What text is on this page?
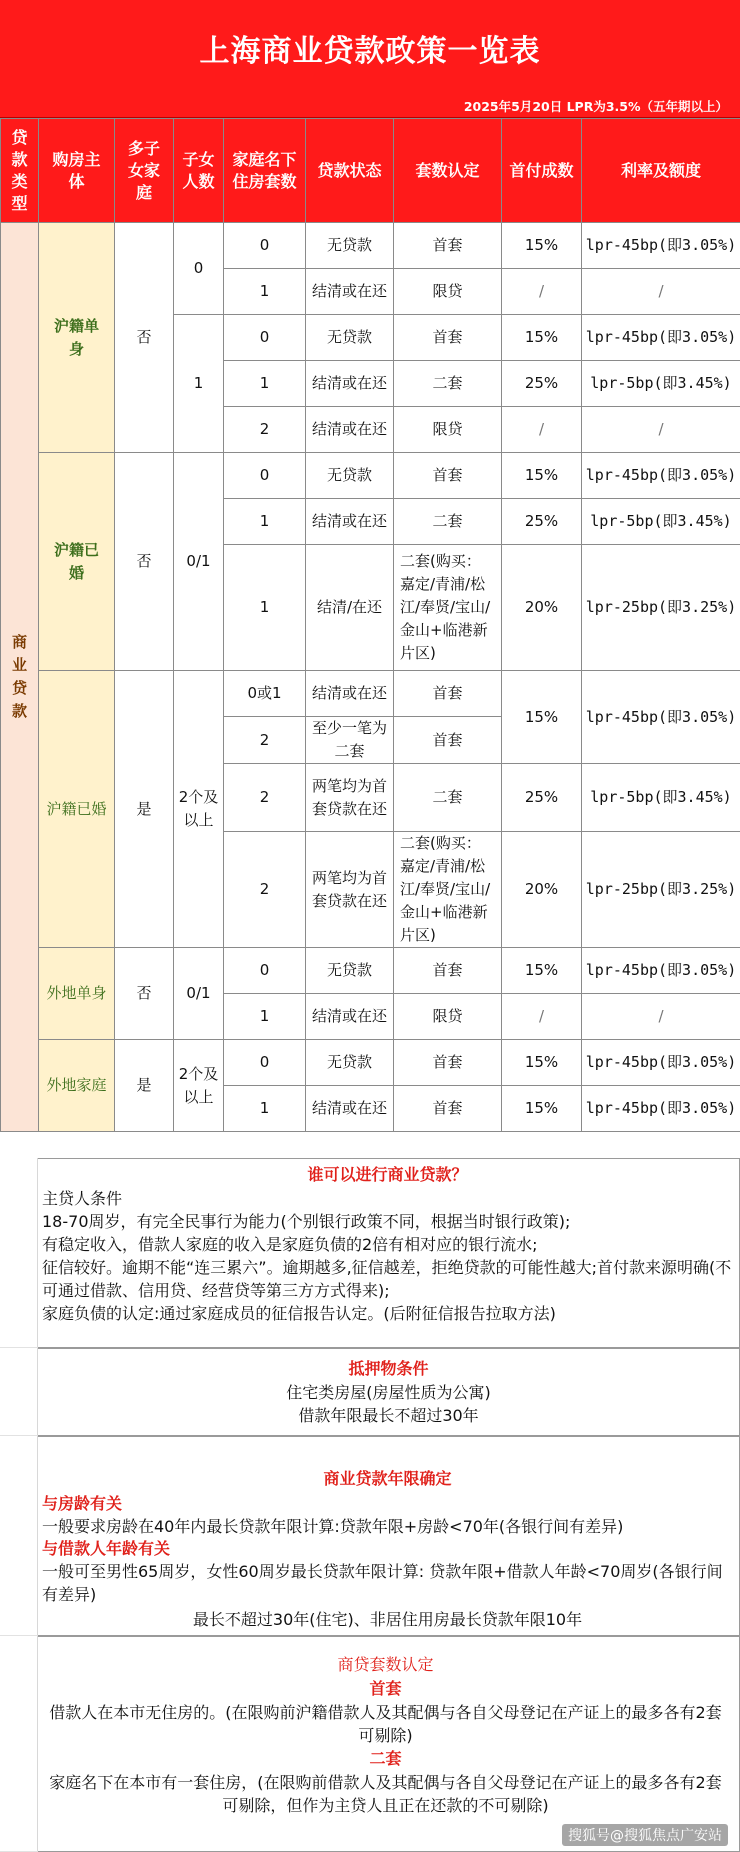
上海商业贷款政策一览表
2025年5月20日 LPR为3.5%（五年期以上）
贷款类型	购房主体	多子女家庭	子女人数	家庭名下住房套数	贷款状态	套数认定	首付成数	利率及额度
商业贷款	沪籍单身	否	0	0	无贷款	首套	15%	lpr-45bp(即3.05%)
				1	结清或在还	限贷	/	/
			1	0	无贷款	首套	15%	lpr-45bp(即3.05%)
				1	结清或在还	二套	25%	lpr-5bp(即3.45%)
				2	结清或在还	限贷	/	/
	沪籍已婚	否	0/1	0	无贷款	首套	15%	lpr-45bp(即3.05%)
				1	结清或在还	二套	25%	lpr-5bp(即3.45%)
				1	结清/在还	二套(购买：嘉定/青浦/松江/奉贤/宝山/金山+临港新片区)	20%	lpr-25bp(即3.25%)
	沪籍已婚	是	2个及以上	0或1	结清或在还	首套	15%	lpr-45bp(即3.05%)
				2	至少一笔为二套	首套		
				2	两笔均为首套贷款在还	二套	25%	lpr-5bp(即3.45%)
				2	两笔均为首套贷款在还	二套(购买：嘉定/青浦/松江/奉贤/宝山/金山+临港新片区)	20%	lpr-25bp(即3.25%)
	外地单身	否	0/1	0	无贷款	首套	15%	lpr-45bp(即3.05%)
				1	结清或在还	限贷	/	/
	外地家庭	是	2个及以上	0	无贷款	首套	15%	lpr-45bp(即3.05%)
				1	结清或在还	首套	15%	lpr-45bp(即3.05%)
谁可以进行商业贷款？
主贷人条件
18-70周岁，有完全民事行为能力(个别银行政策不同，根据当时银行政策);
有稳定收入，借款人家庭的收入是家庭负债的2倍有相对应的银行流水;
征信较好。逾期不能“连三累六”。逾期越多,征信越差，拒绝贷款的可能性越大;首付款来源明确(不可通过借款、信用贷、经营贷等第三方方式得来);
家庭负债的认定:通过家庭成员的征信报告认定。(后附征信报告拉取方法)
抵押物条件
住宅类房屋(房屋性质为公寓)
借款年限最长不超过30年
商业贷款年限确定
与房龄有关
一般要求房龄在40年内最长贷款年限计算:贷款年限+房龄<70年(各银行间有差异)
与借款人年龄有关
一般可至男性65周岁，女性60周岁最长贷款年限计算: 贷款年限+借款人年龄<70周岁(各银行间有差异)
最长不超过30年(住宅)、非居住用房最长贷款年限10年
商贷套数认定
首套
借款人在本市无住房的。(在限购前沪籍借款人及其配偶与各自父母登记在产证上的最多各有2套可剔除)
二套
家庭名下在本市有一套住房，(在限购前借款人及其配偶与各自父母登记在产证上的最多各有2套可剔除，但作为主贷人且正在还款的不可剔除)
搜狐号@搜狐焦点广安站
